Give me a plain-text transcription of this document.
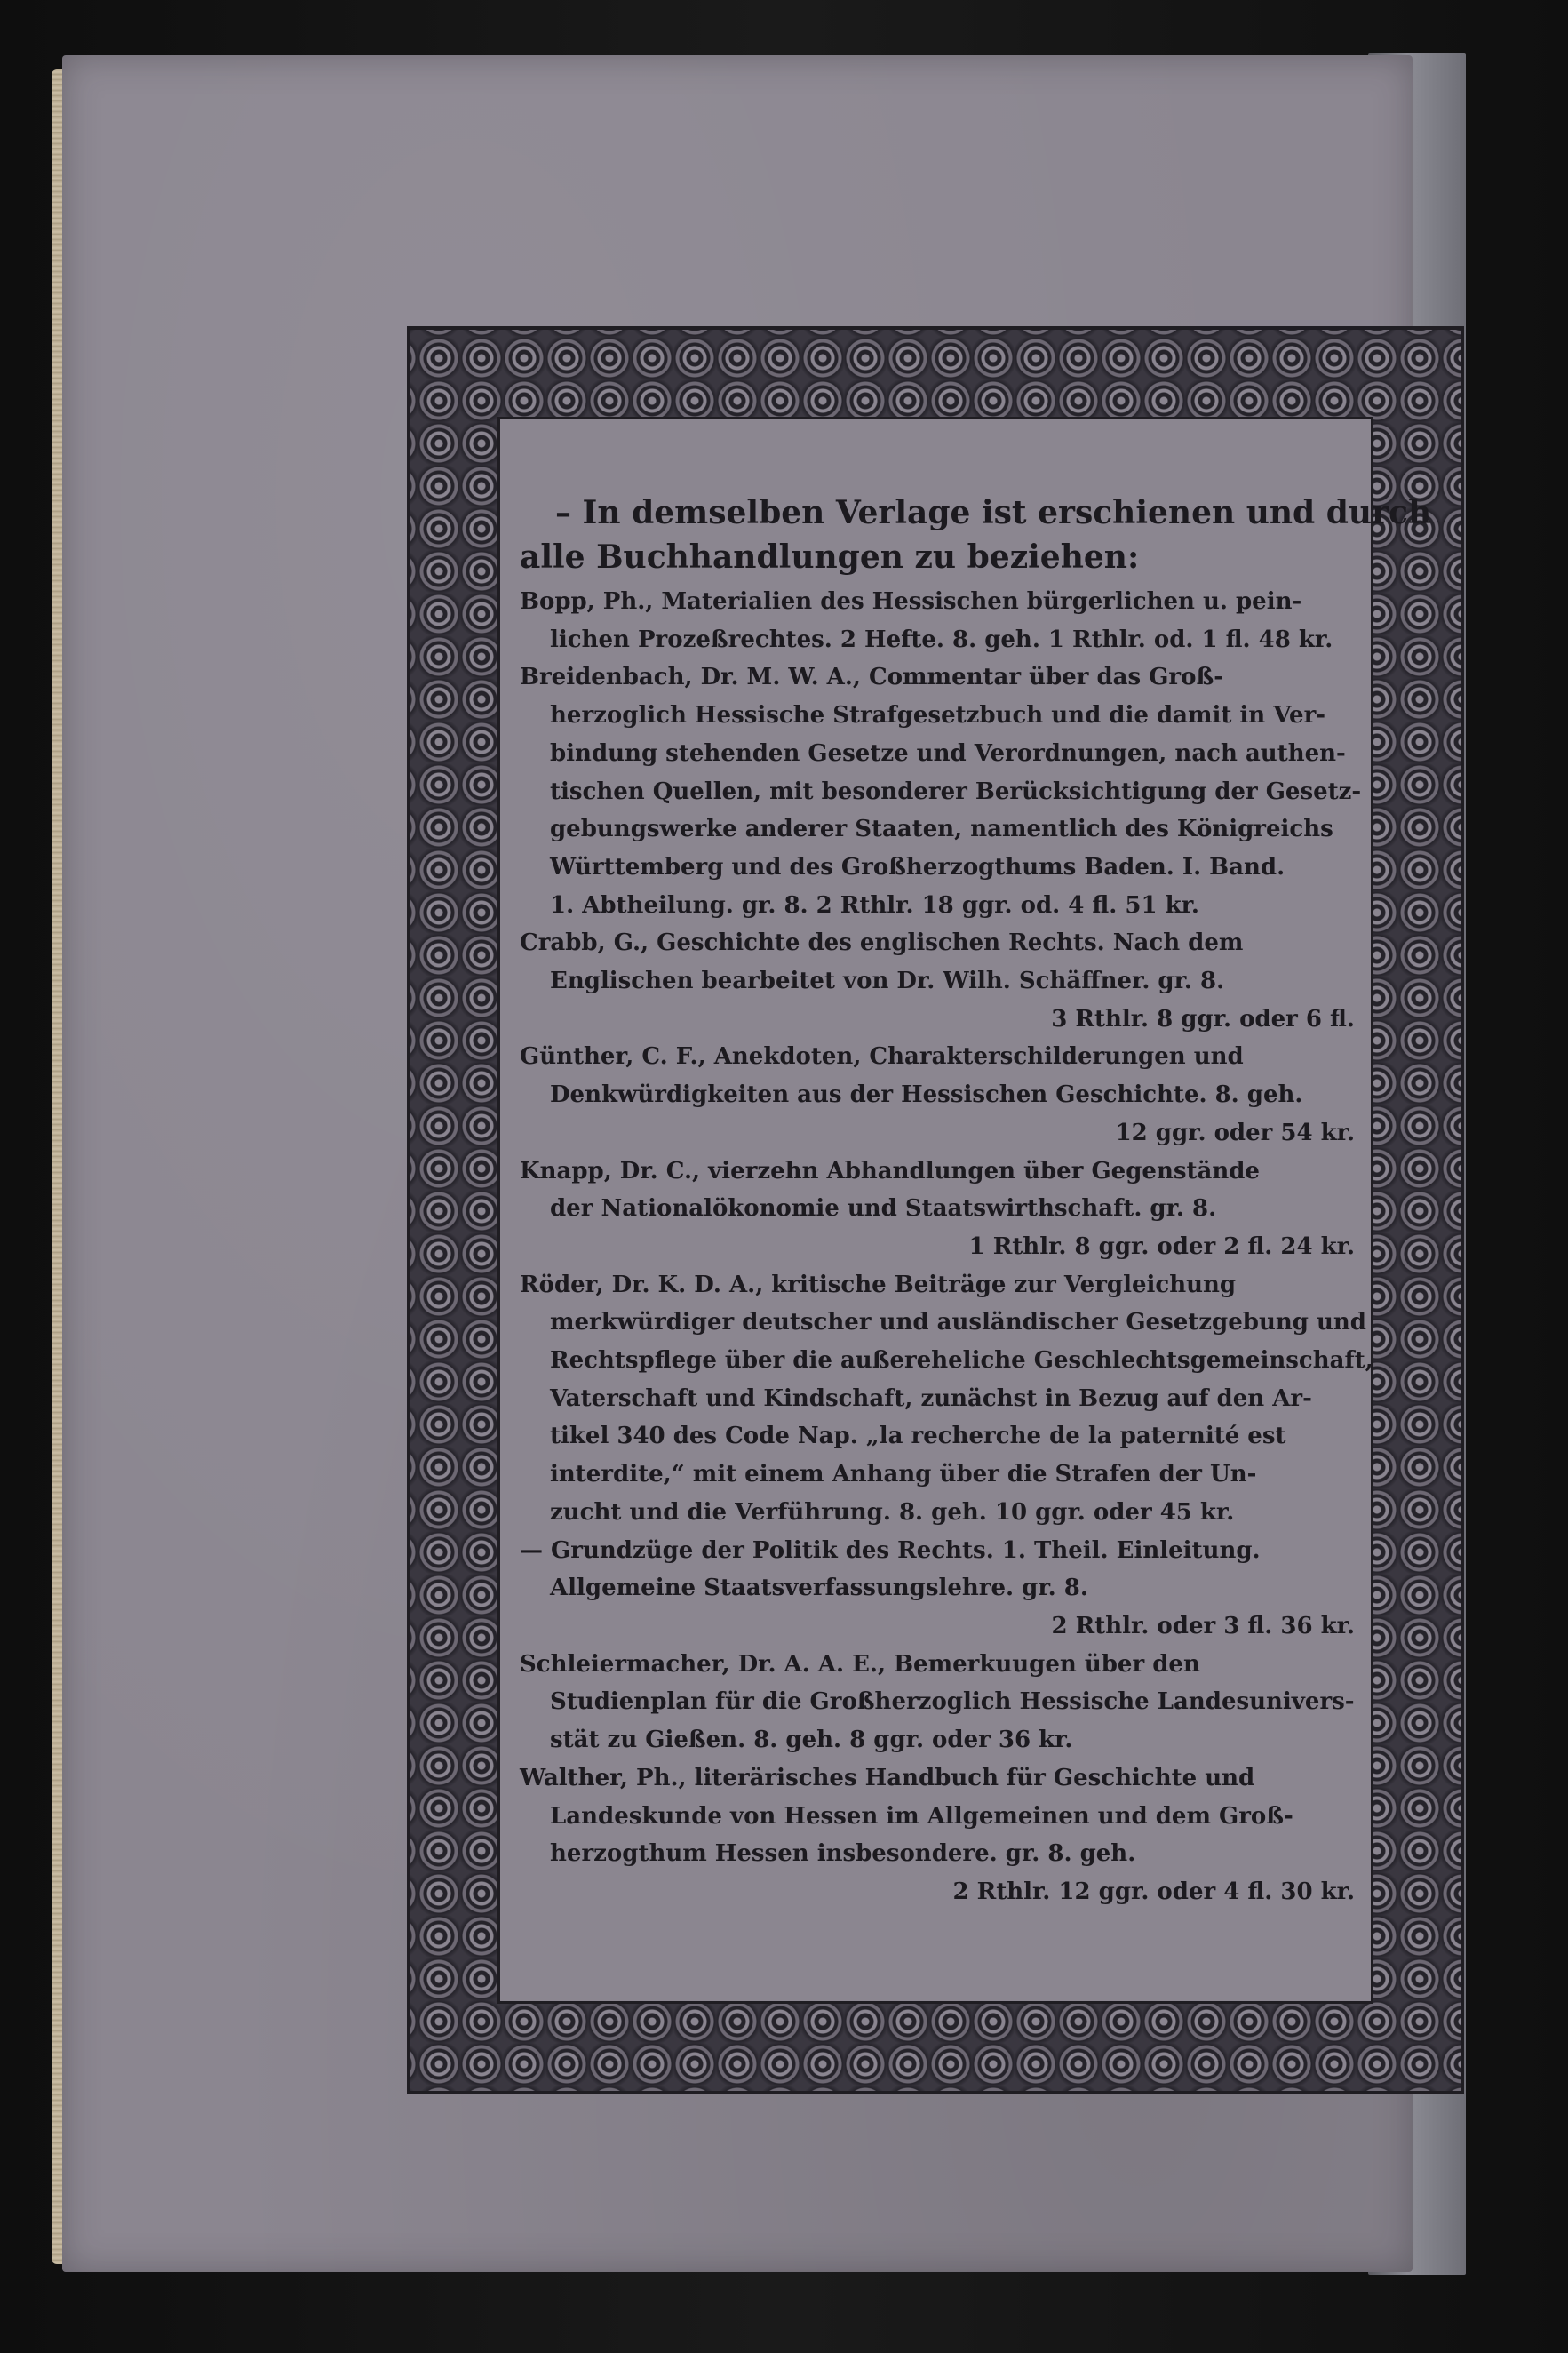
– In demselben Verlage ist erschienen und durch
alle Buchhandlungen zu beziehen:
Bopp, Ph., Materialien des Hessischen bürgerlichen u. pein-
lichen Prozeßrechtes. 2 Hefte. 8. geh. 1 Rthlr. od. 1 fl. 48 kr.
Breidenbach, Dr. M. W. A., Commentar über das Groß-
herzoglich Hessische Strafgesetzbuch und die damit in Ver-
bindung stehenden Gesetze und Verordnungen, nach authen-
tischen Quellen, mit besonderer Berücksichtigung der Gesetz-
gebungswerke anderer Staaten, namentlich des Königreichs
Württemberg und des Großherzogthums Baden. I. Band.
1. Abtheilung. gr. 8. 2 Rthlr. 18 ggr. od. 4 fl. 51 kr.
Crabb, G., Geschichte des englischen Rechts. Nach dem
Englischen bearbeitet von Dr. Wilh. Schäffner. gr. 8.
3 Rthlr. 8 ggr. oder 6 fl.
Günther, C. F., Anekdoten, Charakterschilderungen und
Denkwürdigkeiten aus der Hessischen Geschichte. 8. geh.
12 ggr. oder 54 kr.
Knapp, Dr. C., vierzehn Abhandlungen über Gegenstände
der Nationalökonomie und Staatswirthschaft. gr. 8.
1 Rthlr. 8 ggr. oder 2 fl. 24 kr.
Röder, Dr. K. D. A., kritische Beiträge zur Vergleichung
merkwürdiger deutscher und ausländischer Gesetzgebung und
Rechtspflege über die außereheliche Geschlechtsgemeinschaft,
Vaterschaft und Kindschaft, zunächst in Bezug auf den Ar-
tikel 340 des Code Nap. „la recherche de la paternité est
interdite,“ mit einem Anhang über die Strafen der Un-
zucht und die Verführung. 8. geh. 10 ggr. oder 45 kr.
— Grundzüge der Politik des Rechts. 1. Theil. Einleitung.
Allgemeine Staatsverfassungslehre. gr. 8.
2 Rthlr. oder 3 fl. 36 kr.
Schleiermacher, Dr. A. A. E., Bemerkuugen über den
Studienplan für die Großherzoglich Hessische Landesunivers-
stät zu Gießen. 8. geh. 8 ggr. oder 36 kr.
Walther, Ph., literärisches Handbuch für Geschichte und
Landeskunde von Hessen im Allgemeinen und dem Groß-
herzogthum Hessen insbesondere. gr. 8. geh.
2 Rthlr. 12 ggr. oder 4 fl. 30 kr.
